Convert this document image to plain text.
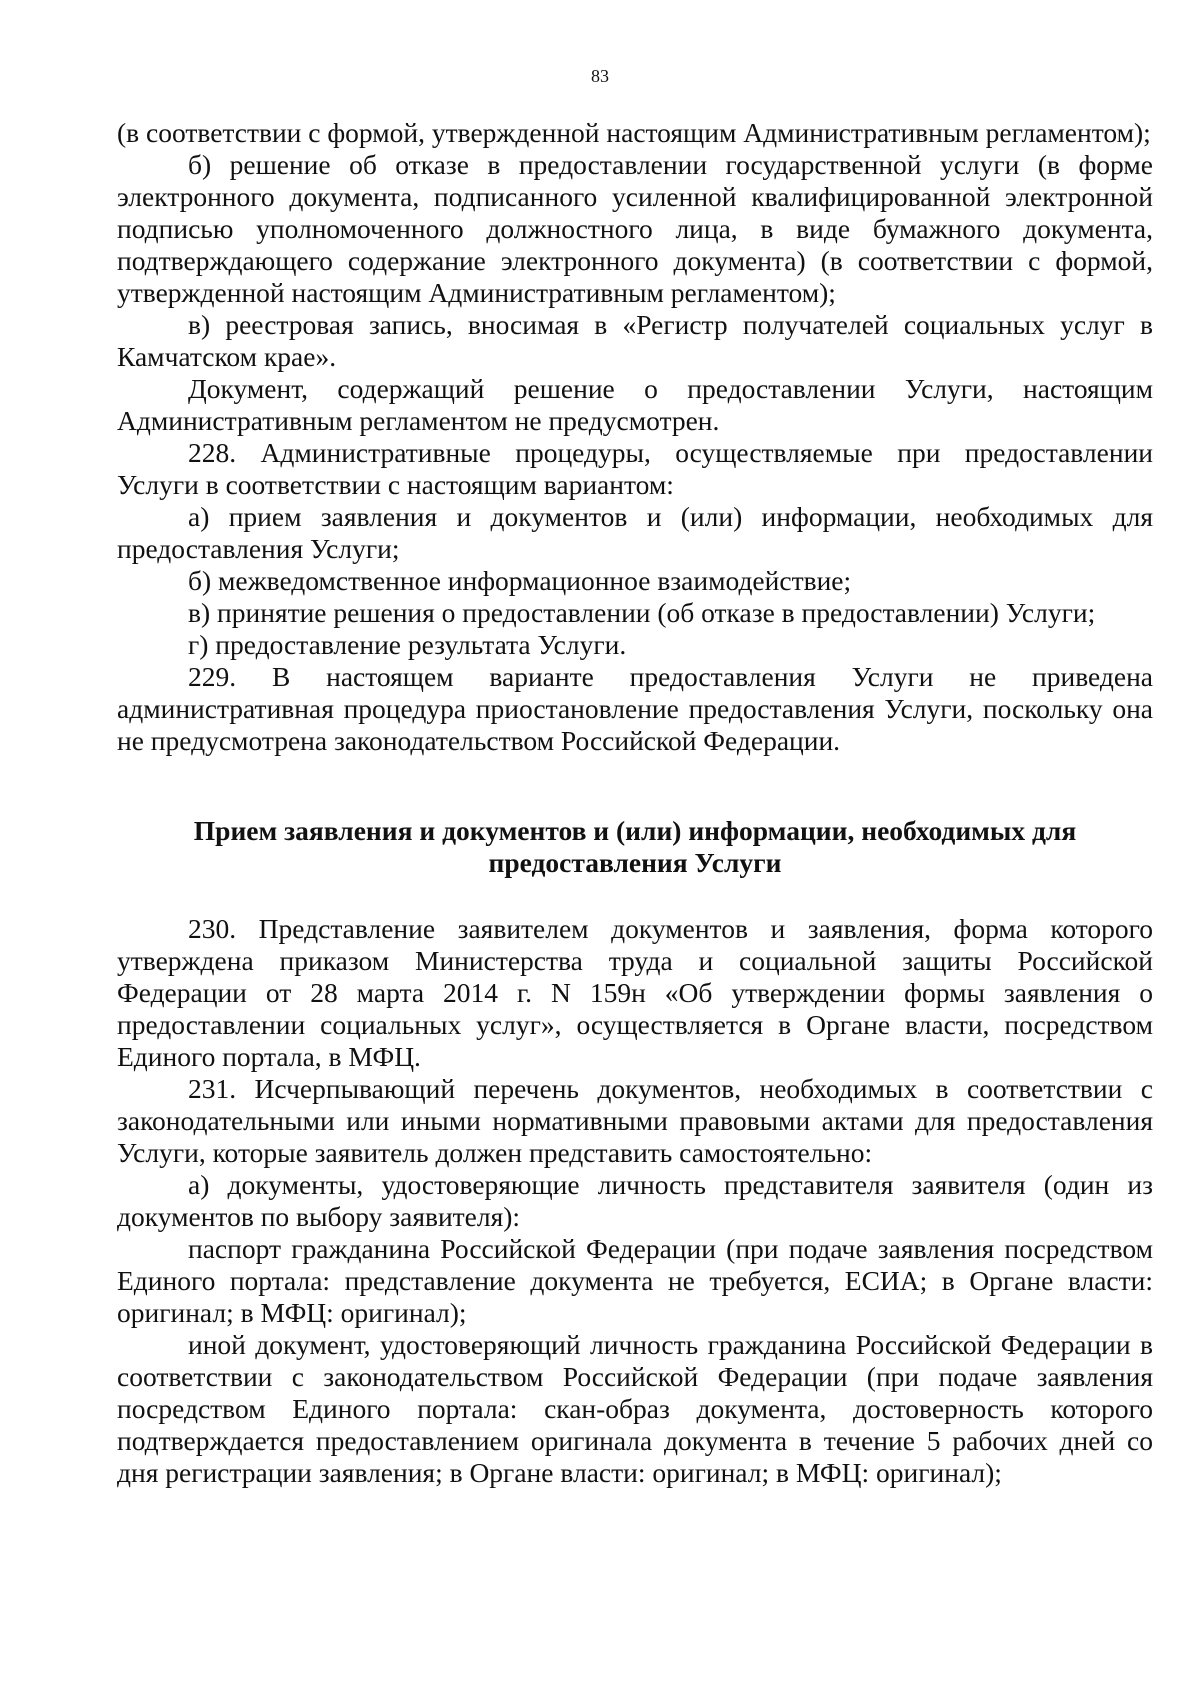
83

(в соответствии с формой, утвержденной настоящим Административным регламентом);

б) решение об отказе в предоставлении государственной услуги (в форме электронного документа, подписанного усиленной квалифицированной электронной подписью уполномоченного должностного лица, в виде бумажного документа, подтверждающего содержание электронного документа) (в соответствии с формой, утвержденной настоящим Административным регламентом);

в) реестровая запись, вносимая в «Регистр получателей социальных услуг в Камчатском крае».

Документ, содержащий решение о предоставлении Услуги, настоящим Административным регламентом не предусмотрен.

228. Административные процедуры, осуществляемые при предоставлении Услуги в соответствии с настоящим вариантом:

а) прием заявления и документов и (или) информации, необходимых для предоставления Услуги;

б) межведомственное информационное взаимодействие;

в) принятие решения о предоставлении (об отказе в предоставлении) Услуги;

г) предоставление результата Услуги.

229. В настоящем варианте предоставления Услуги не приведена административная процедура приостановление предоставления Услуги, поскольку она не предусмотрена законодательством Российской Федерации.

Прием заявления и документов и (или) информации, необходимых для
предоставления Услуги

230. Представление заявителем документов и заявления, форма которого утверждена приказом Министерства труда и социальной защиты Российской Федерации от 28 марта 2014 г. N 159н «Об утверждении формы заявления о предоставлении социальных услуг», осуществляется в Органе власти, посредством Единого портала, в МФЦ.

231. Исчерпывающий перечень документов, необходимых в соответствии с законодательными или иными нормативными правовыми актами для предоставления Услуги, которые заявитель должен представить самостоятельно:

а) документы, удостоверяющие личность представителя заявителя (один из документов по выбору заявителя):

паспорт гражданина Российской Федерации (при подаче заявления посредством Единого портала: представление документа не требуется, ЕСИА; в Органе власти: оригинал; в МФЦ: оригинал);

иной документ, удостоверяющий личность гражданина Российской Федерации в соответствии с законодательством Российской Федерации (при подаче заявления посредством Единого портала: скан-образ документа, достоверность которого подтверждается предоставлением оригинала документа в течение 5 рабочих дней со дня регистрации заявления; в Органе власти: оригинал; в МФЦ: оригинал);
